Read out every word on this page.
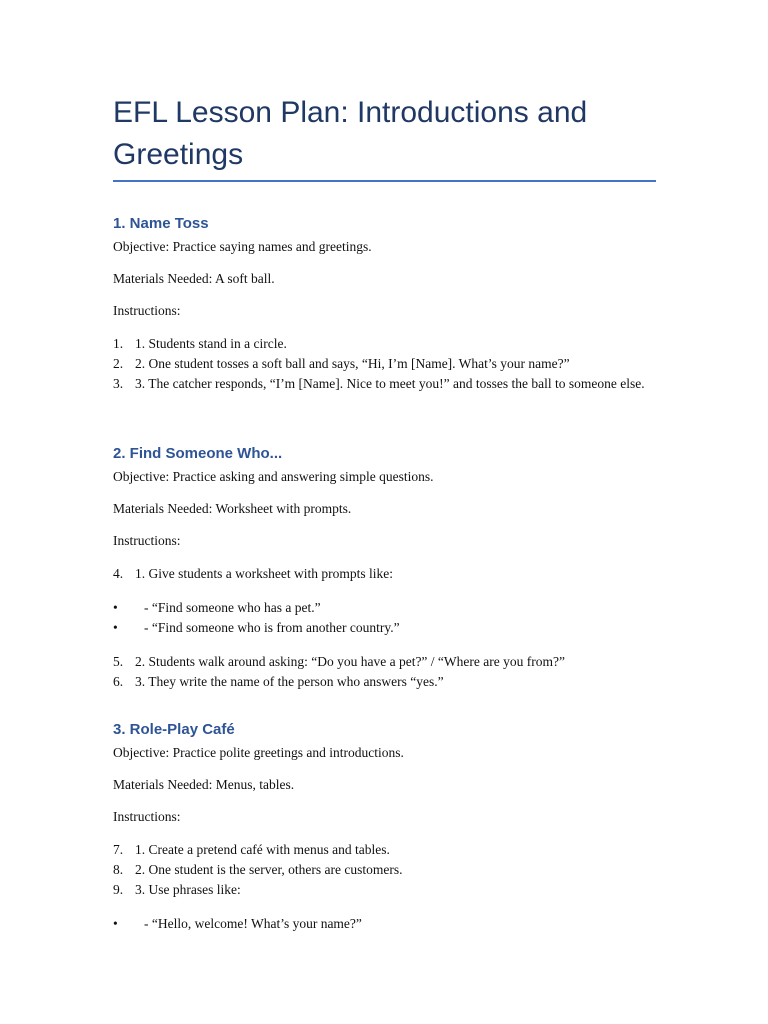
EFL Lesson Plan: Introductions and Greetings
1. Name Toss
Objective: Practice saying names and greetings.
Materials Needed: A soft ball.
Instructions:
1. 1. Students stand in a circle.
2. 2. One student tosses a soft ball and says, “Hi, I’m [Name]. What’s your name?”
3. 3. The catcher responds, “I’m [Name]. Nice to meet you!” and tosses the ball to someone else.
2. Find Someone Who...
Objective: Practice asking and answering simple questions.
Materials Needed: Worksheet with prompts.
Instructions:
4. 1. Give students a worksheet with prompts like:
•	- “Find someone who has a pet.”
•	- “Find someone who is from another country.”
5. 2. Students walk around asking: “Do you have a pet?” / “Where are you from?”
6. 3. They write the name of the person who answers “yes.”
3. Role-Play Café
Objective: Practice polite greetings and introductions.
Materials Needed: Menus, tables.
Instructions:
7. 1. Create a pretend café with menus and tables.
8. 2. One student is the server, others are customers.
9. 3. Use phrases like:
•	- “Hello, welcome! What’s your name?”
